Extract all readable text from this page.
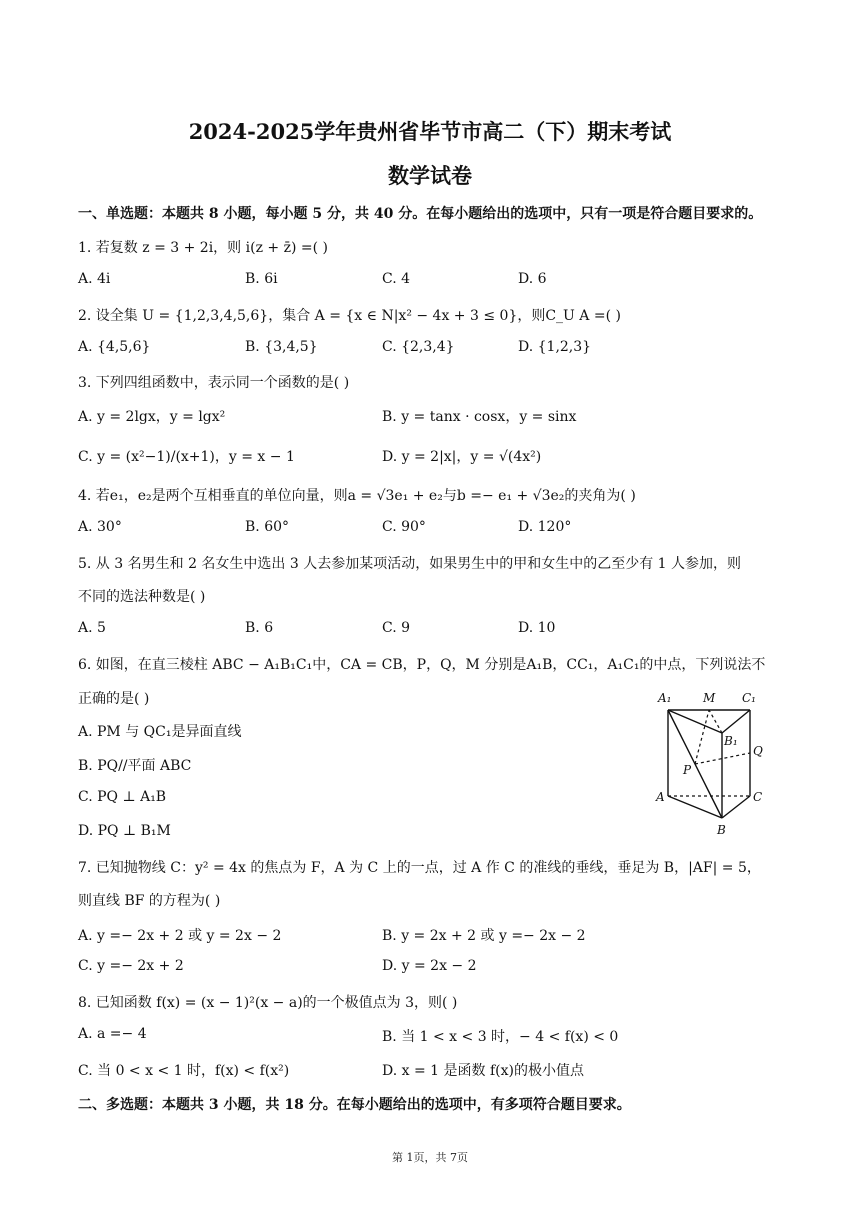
2024-2025学年贵州省毕节市高二（下）期末考试
数学试卷
一、单选题：本题共 8 小题，每小题 5 分，共 40 分。在每小题给出的选项中，只有一项是符合题目要求的。
1. 若复数 z = 3 + 2i，则 i(z + z̄) =( )
A. 4i	B. 6i	C. 4	D. 6
2. 设全集 U = {1,2,3,4,5,6}，集合 A = {x ∈ N|x² − 4x + 3 ≤ 0}，则C_U A =( )
A. {4,5,6}	B. {3,4,5}	C. {2,3,4}	D. {1,2,3}
3. 下列四组函数中，表示同一个函数的是( )
A. y = 2lgx，y = lgx²	B. y = tanx · cosx，y = sinx
C. y = (x²−1)/(x+1)，y = x − 1	D. y = 2|x|，y = √(4x²)
4. 若e₁，e₂是两个互相垂直的单位向量，则a = √3e₁ + e₂与b =− e₁ + √3e₂的夹角为( )
A. 30°	B. 60°	C. 90°	D. 120°
5. 从 3 名男生和 2 名女生中选出 3 人去参加某项活动，如果男生中的甲和女生中的乙至少有 1 人参加，则
不同的选法种数是( )
A. 5	B. 6	C. 9	D. 10
6. 如图，在直三棱柱 ABC − A₁B₁C₁中，CA = CB，P，Q，M 分别是A₁B，CC₁，A₁C₁的中点，下列说法不
正确的是( )
A. PM 与 QC₁是异面直线
B. PQ//平面 ABC
C. PQ ⊥ A₁B
D. PQ ⊥ B₁M
A₁	M C₁
B₁
Q
P
A	C
B
7. 已知抛物线 C：y² = 4x 的焦点为 F，A 为 C 上的一点，过 A 作 C 的准线的垂线，垂足为 B，|AF| = 5，
则直线 BF 的方程为( )
A. y =− 2x + 2 或 y = 2x − 2	B. y = 2x + 2 或 y =− 2x − 2
C. y =− 2x + 2	D. y = 2x − 2
8. 已知函数 f(x) = (x − 1)²(x − a)的一个极值点为 3，则( )
A. a =− 4	B. 当 1 < x < 3 时，− 4 < f(x) < 0
C. 当 0 < x < 1 时，f(x) < f(x²)	D. x = 1 是函数 f(x)的极小值点
二、多选题：本题共 3 小题，共 18 分。在每小题给出的选项中，有多项符合题目要求。
第 1页，共 7页
